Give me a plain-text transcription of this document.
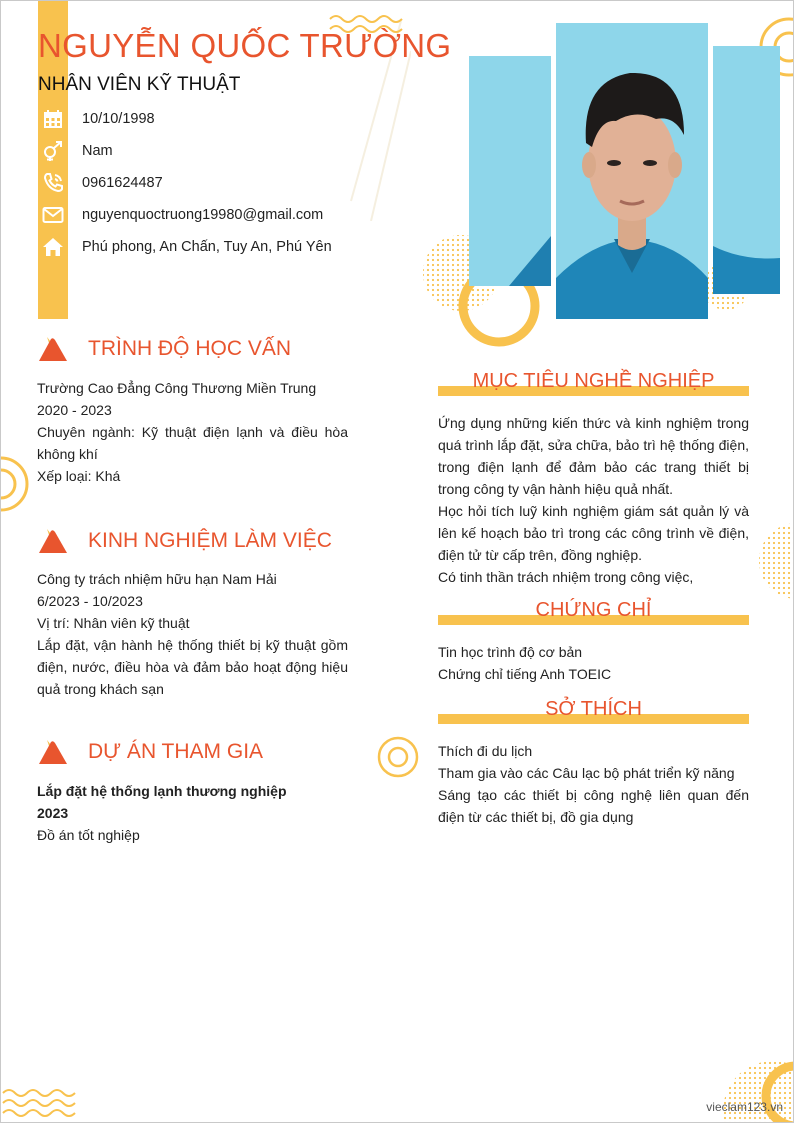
NGUYỄN QUỐC TRƯỜNG
NHÂN VIÊN KỸ THUẬT
10/10/1998
Nam
0961624487
nguyenquoctruong19980@gmail.com
Phú phong, An Chấn, Tuy An, Phú Yên
TRÌNH ĐỘ HỌC VẤN

Trường Cao Đẳng Công Thương Miền Trung

2020 - 2023

Chuyên ngành: Kỹ thuật điện lạnh và điều hòa không khí

Xếp loại: Khá

KINH NGHIỆM LÀM VIỆC

Công ty trách nhiệm hữu hạn Nam Hải

6/2023 - 10/2023

Vị trí: Nhân viên kỹ thuật

Lắp đặt, vận hành hệ thống thiết bị kỹ thuật gồm điện, nước, điều hòa và đảm bảo hoạt động hiệu quả trong khách sạn

DỰ ÁN THAM GIA

Lắp đặt hệ thống lạnh thương nghiệp

2023

Đồ án tốt nghiệp

MỤC TIÊU NGHỀ NGHIỆP

Ứng dụng những kiến thức và kinh nghiệm trong quá trình lắp đặt, sửa chữa, bảo trì hệ thống điện, trong điện lạnh để đảm bảo các trang thiết bị trong công ty vận hành hiệu quả nhất.

Học hỏi tích luỹ kinh nghiệm giám sát quản lý và lên kế hoạch bảo trì trong các công trình về điện, điện tử từ cấp trên, đồng nghiệp.

Có tinh thần trách nhiệm trong công việc,

CHỨNG CHỈ

Tin học trình độ cơ bản

Chứng chỉ tiếng Anh TOEIC

SỞ THÍCH

Thích đi du lịch

Tham gia vào các Câu lạc bộ phát triển kỹ năng

Sáng tạo các thiết bị công nghệ liên quan đến điện từ các thiết bị, đồ gia dụng

vieclam123.vn
